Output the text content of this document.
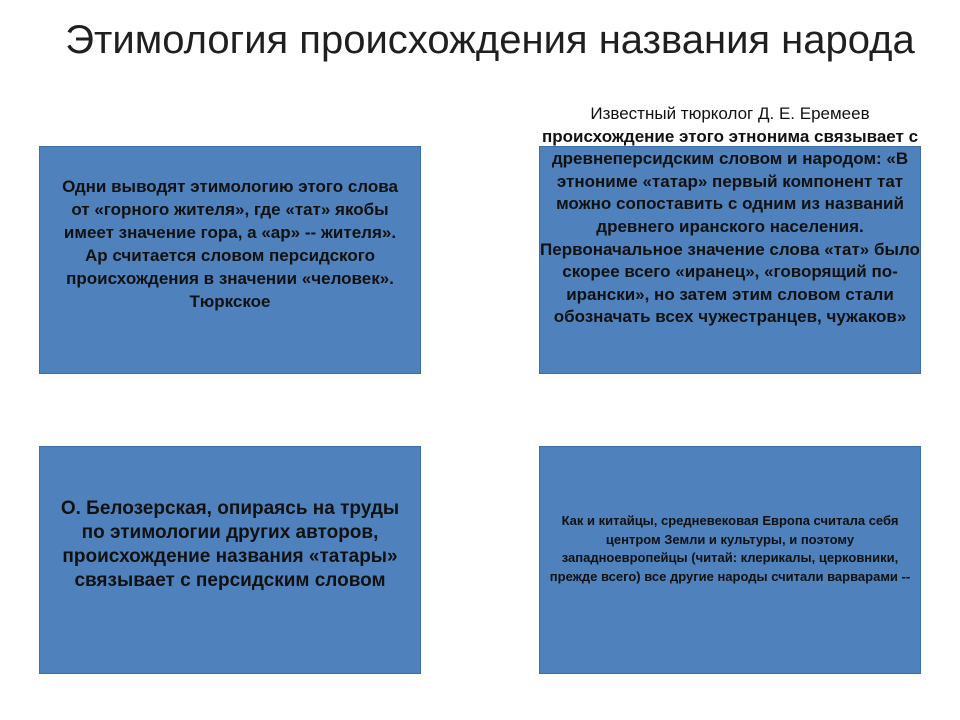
Этимология происхождения названия народа
Одни выводят этимологию этого слова от «горного жителя», где «тат» якобы имеет значение гора, а «ар» -- жителя». Ар считается словом персидского происхождения в значении «человек». Тюркское
Известный тюрколог Д. Е. Еремеев происхождение этого этнонима связывает с древнеперсидским словом и народом: «В этнониме «татар» первый компонент тат можно сопоставить с одним из названий древнего иранского населения. Первоначальное значение слова «тат» было скорее всего «иранец», «говорящий по-ирански», но затем этим словом стали обозначать всех чужестранцев, чужаков»
О. Белозерская, опираясь на труды по этимологии других авторов, происхождение названия «татары» связывает с персидским словом
Как и китайцы, средневековая Европа считала себя центром Земли и культуры, и поэтому западноевропейцы (читай: клерикалы, церковники, прежде всего) все другие народы считали варварами --
